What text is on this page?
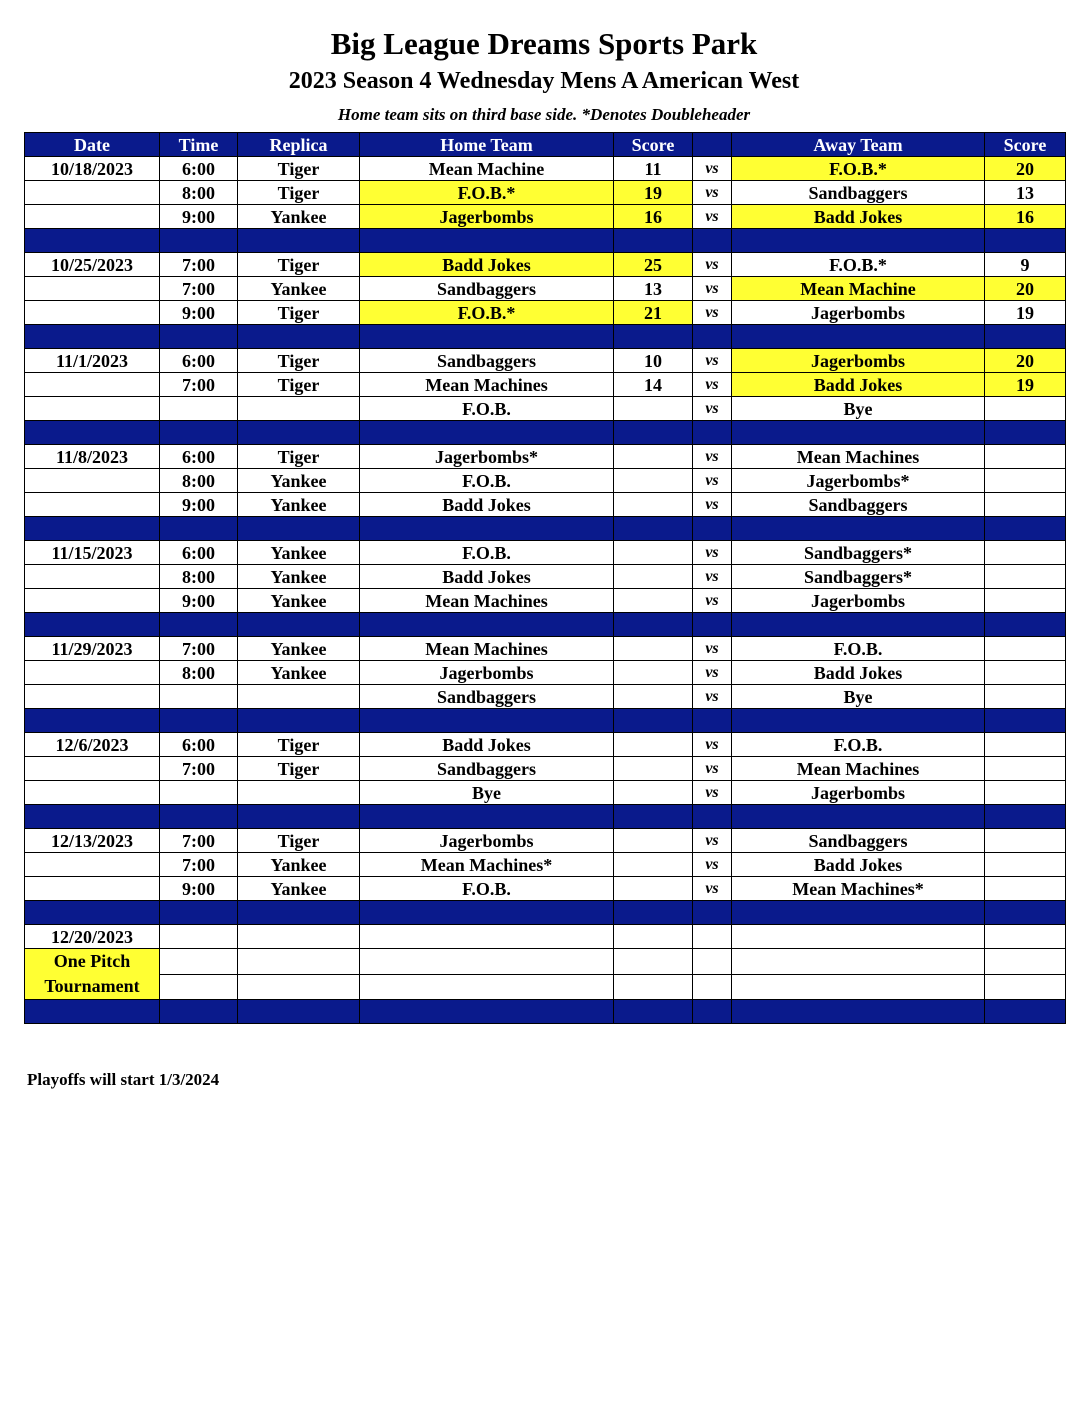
Big League Dreams Sports Park
2023 Season 4 Wednesday Mens A American West
Home team sits on third base side. *Denotes Doubleheader
Date	Time	Replica	Home Team	Score		Away Team	Score
10/18/2023	6:00	Tiger	Mean Machine	11	vs	F.O.B.*	20
	8:00	Tiger	F.O.B.*	19	vs	Sandbaggers	13
	9:00	Yankee	Jagerbombs	16	vs	Badd Jokes	16

10/25/2023	7:00	Tiger	Badd Jokes	25	vs	F.O.B.*	9
	7:00	Yankee	Sandbaggers	13	vs	Mean Machine	20
	9:00	Tiger	F.O.B.*	21	vs	Jagerbombs	19

11/1/2023	6:00	Tiger	Sandbaggers	10	vs	Jagerbombs	20
	7:00	Tiger	Mean Machines	14	vs	Badd Jokes	19
			F.O.B.		vs	Bye	

11/8/2023	6:00	Tiger	Jagerbombs*		vs	Mean Machines	
	8:00	Yankee	F.O.B.		vs	Jagerbombs*	
	9:00	Yankee	Badd Jokes		vs	Sandbaggers	

11/15/2023	6:00	Yankee	F.O.B.		vs	Sandbaggers*	
	8:00	Yankee	Badd Jokes		vs	Sandbaggers*	
	9:00	Yankee	Mean Machines		vs	Jagerbombs	

11/29/2023	7:00	Yankee	Mean Machines		vs	F.O.B.	
	8:00	Yankee	Jagerbombs		vs	Badd Jokes	
			Sandbaggers		vs	Bye	

12/6/2023	6:00	Tiger	Badd Jokes		vs	F.O.B.	
	7:00	Tiger	Sandbaggers		vs	Mean Machines	
			Bye		vs	Jagerbombs	

12/13/2023	7:00	Tiger	Jagerbombs		vs	Sandbaggers	
	7:00	Yankee	Mean Machines*		vs	Badd Jokes	
	9:00	Yankee	F.O.B.		vs	Mean Machines*	

12/20/2023							

One Pitch
Tournament							

Playoffs will start 1/3/2024
